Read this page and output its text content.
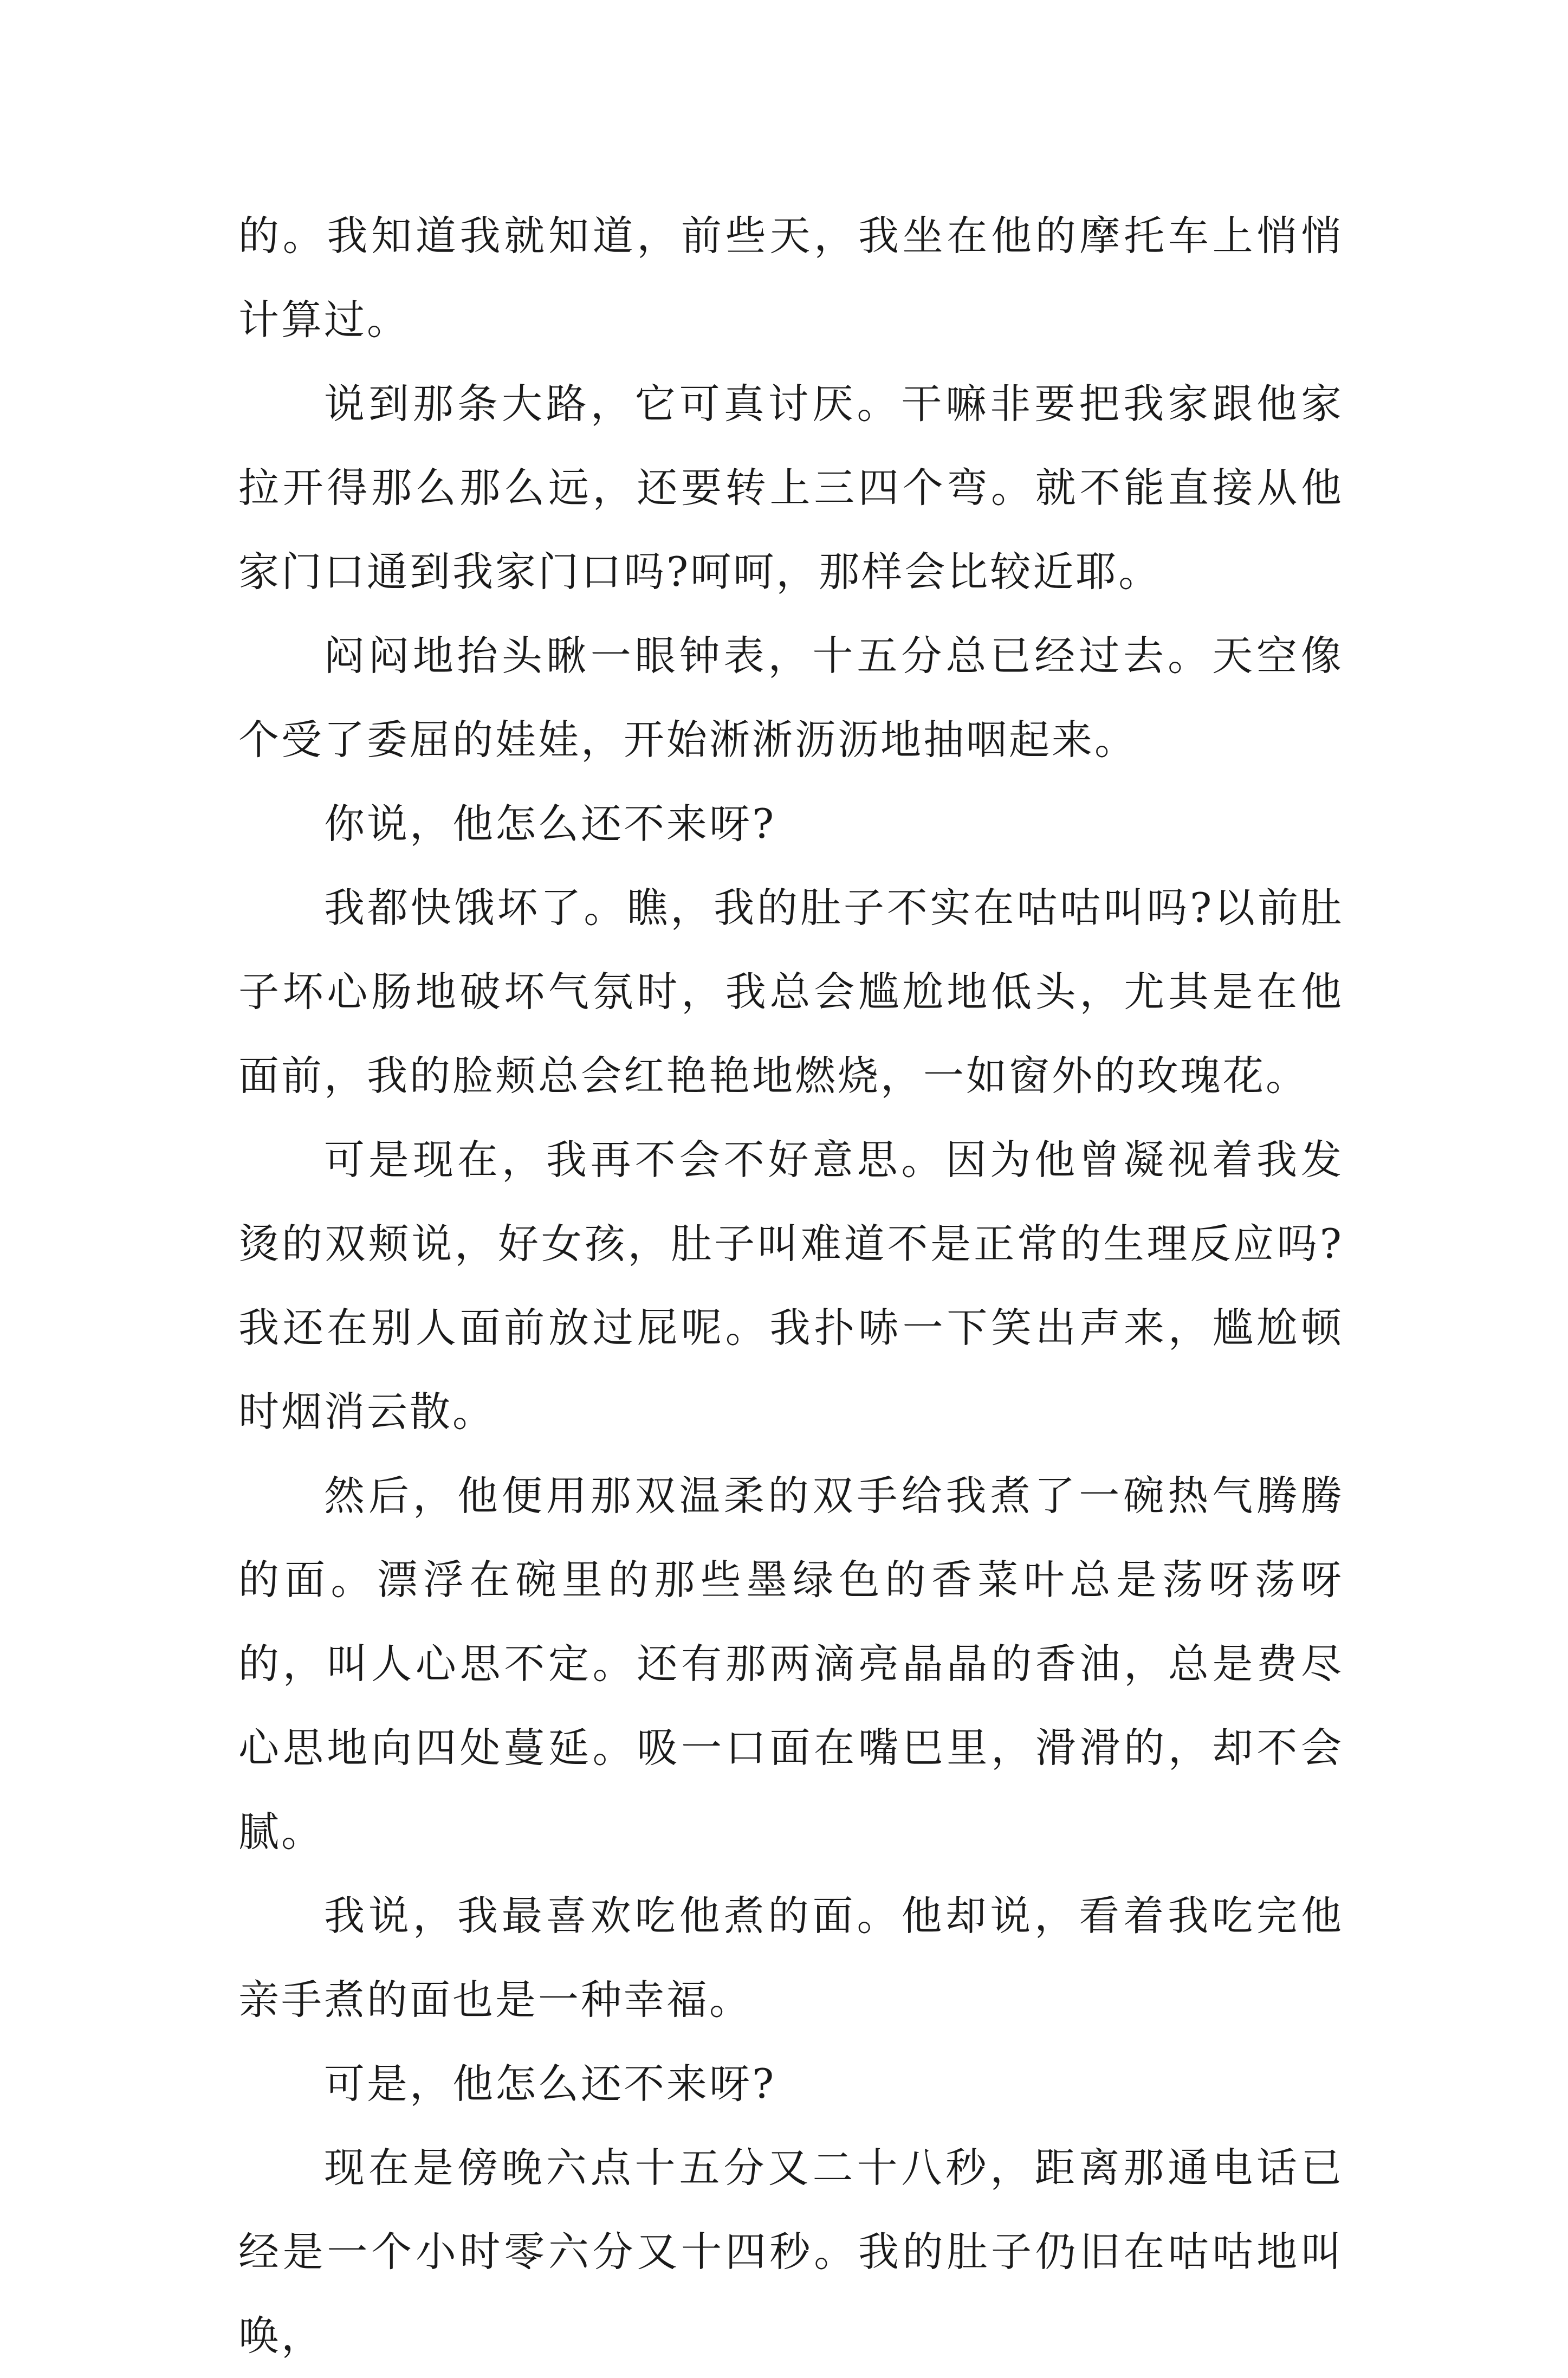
的。我知道我就知道，前些天，我坐在他的摩托车上悄悄计算过。

说到那条大路，它可真讨厌。干嘛非要把我家跟他家拉开得那么那么远，还要转上三四个弯。就不能直接从他家门口通到我家门口吗?呵呵，那样会比较近耶。

闷闷地抬头瞅一眼钟表，十五分总已经过去。天空像个受了委屈的娃娃，开始淅淅沥沥地抽咽起来。

你说，他怎么还不来呀?

我都快饿坏了。瞧，我的肚子不实在咕咕叫吗?以前肚子坏心肠地破坏气氛时，我总会尴尬地低头，尤其是在他面前，我的脸颊总会红艳艳地燃烧，一如窗外的玫瑰花。

可是现在，我再不会不好意思。因为他曾凝视着我发烫的双颊说，好女孩，肚子叫难道不是正常的生理反应吗?我还在别人面前放过屁呢。我扑哧一下笑出声来，尴尬顿时烟消云散。

然后，他便用那双温柔的双手给我煮了一碗热气腾腾的面。漂浮在碗里的那些墨绿色的香菜叶总是荡呀荡呀的，叫人心思不定。还有那两滴亮晶晶的香油，总是费尽心思地向四处蔓延。吸一口面在嘴巴里，滑滑的，却不会腻。

我说，我最喜欢吃他煮的面。他却说，看着我吃完他亲手煮的面也是一种幸福。

可是，他怎么还不来呀?

现在是傍晚六点十五分又二十八秒，距离那通电话已经是一个小时零六分又十四秒。我的肚子仍旧在咕咕地叫唤，
